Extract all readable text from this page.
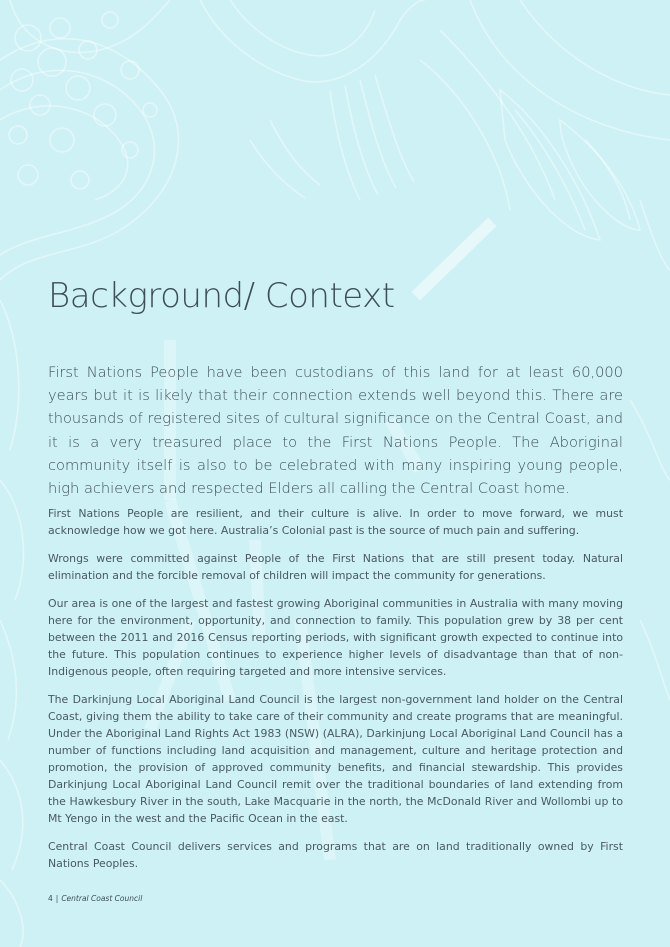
Background/ Context

First Nations People have been custodians of this land for at least 60,000 years but it is likely that their connection extends well beyond this. There are thousands of registered sites of cultural significance on the Central Coast, and it is a very treasured place to the First Nations People. The Aboriginal community itself is also to be celebrated with many inspiring young people, high achievers and respected Elders all calling the Central Coast home.

First Nations People are resilient, and their culture is alive. In order to move forward, we must acknowledge how we got here. Australia’s Colonial past is the source of much pain and suffering.

Wrongs were committed against People of the First Nations that are still present today. Natural elimination and the forcible removal of children will impact the community for generations.

Our area is one of the largest and fastest growing Aboriginal communities in Australia with many moving here for the environment, opportunity, and connection to family. This population grew by 38 per cent between the 2011 and 2016 Census reporting periods, with significant growth expected to continue into the future. This population continues to experience higher levels of disadvantage than that of non-Indigenous people, often requiring targeted and more intensive services.

The Darkinjung Local Aboriginal Land Council is the largest non-government land holder on the Central Coast, giving them the ability to take care of their community and create programs that are meaningful. Under the Aboriginal Land Rights Act 1983 (NSW) (ALRA), Darkinjung Local Aboriginal Land Council has a number of functions including land acquisition and management, culture and heritage protection and promotion, the provision of approved community benefits, and financial stewardship. This provides Darkinjung Local Aboriginal Land Council remit over the traditional boundaries of land extending from the Hawkesbury River in the south, Lake Macquarie in the north, the McDonald River and Wollombi up to Mt Yengo in the west and the Pacific Ocean in the east.

Central Coast Council delivers services and programs that are on land traditionally owned by First Nations Peoples.

4 | Central Coast Council
